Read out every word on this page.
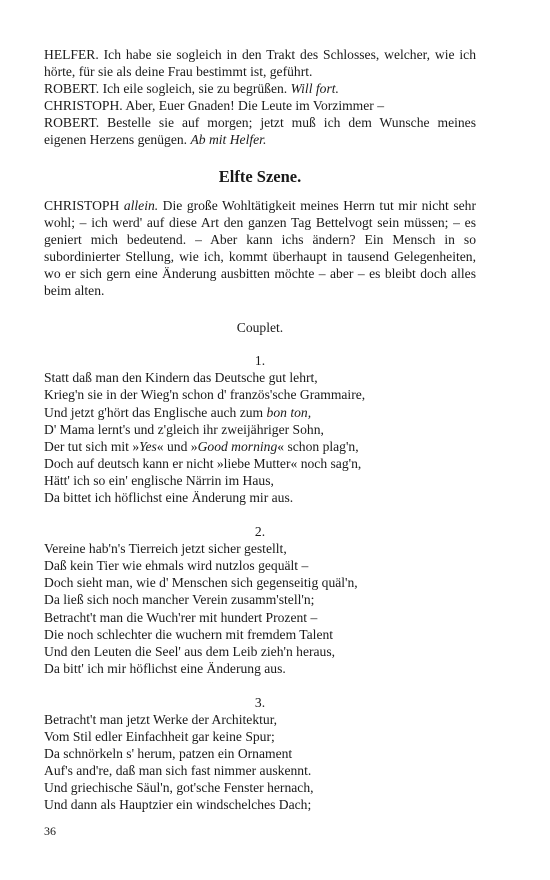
HELFER. Ich habe sie sogleich in den Trakt des Schlosses, welcher, wie ich hörte, für sie als deine Frau bestimmt ist, geführt.

ROBERT. Ich eile sogleich, sie zu begrüßen. Will fort.

CHRISTOPH. Aber, Euer Gnaden! Die Leute im Vorzimmer –

ROBERT. Bestelle sie auf morgen; jetzt muß ich dem Wunsche meines eigenen Herzens genügen. Ab mit Helfer.

Elfte Szene.

CHRISTOPH allein. Die große Wohltätigkeit meines Herrn tut mir nicht sehr wohl; – ich werd' auf diese Art den ganzen Tag Bettelvogt sein müssen; – es geniert mich bedeutend. – Aber kann ichs ändern? Ein Mensch in so subordinierter Stellung, wie ich, kommt überhaupt in tausend Gelegenheiten, wo er sich gern eine Änderung ausbitten möchte – aber – es bleibt doch alles beim alten.

Couplet.

1.

Statt daß man den Kindern das Deutsche gut lehrt,

Krieg'n sie in der Wieg'n schon d' französ'sche Grammaire,

Und jetzt g'hört das Englische auch zum bon ton,

D' Mama lernt's und z'gleich ihr zweijähriger Sohn,

Der tut sich mit »Yes« und »Good morning« schon plag'n,

Doch auf deutsch kann er nicht »liebe Mutter« noch sag'n,

Hätt' ich so ein' englische Närrin im Haus,

Da bittet ich höflichst eine Änderung mir aus.

2.

Vereine hab'n's Tierreich jetzt sicher gestellt,

Daß kein Tier wie ehmals wird nutzlos gequält –

Doch sieht man, wie d' Menschen sich gegenseitig quäl'n,

Da ließ sich noch mancher Verein zusamm'stell'n;

Betracht't man die Wuch'rer mit hundert Prozent –

Die noch schlechter die wuchern mit fremdem Talent

Und den Leuten die Seel' aus dem Leib zieh'n heraus,

Da bitt' ich mir höflichst eine Änderung aus.

3.

Betracht't man jetzt Werke der Architektur,

Vom Stil edler Einfachheit gar keine Spur;

Da schnörkeln s' herum, patzen ein Ornament

Auf's and're, daß man sich fast nimmer auskennt.

Und griechische Säul'n, got'sche Fenster hernach,

Und dann als Hauptzier ein windschelches Dach;

36
